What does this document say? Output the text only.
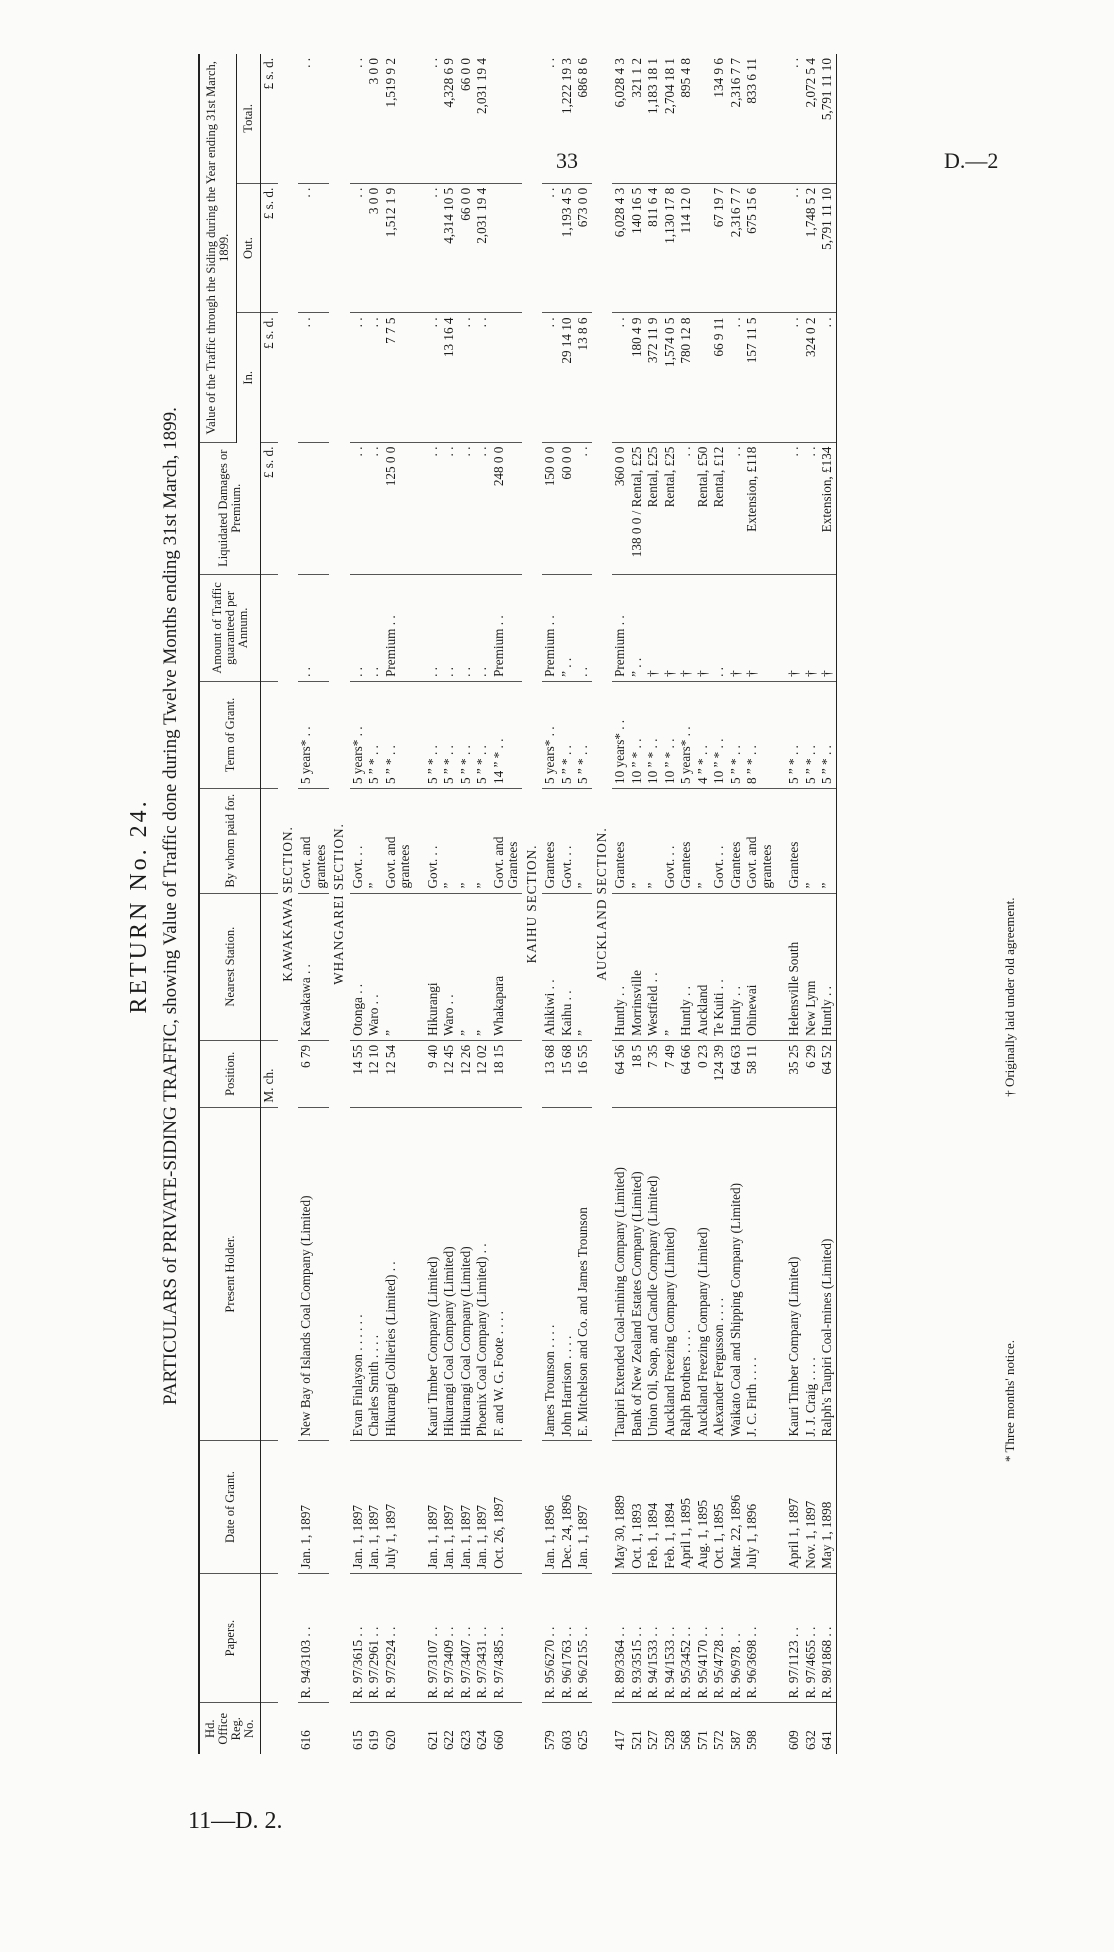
33	D.—2
11—D. 2.
RETURN No. 24. PARTICULARS of PRIVATE-SIDING TRAFFIC, showing Value of Traffic done during Twelve Months ending 31st March, 1899.
Hd. Office Reg. No.	Papers.	Date of Grant.	Present Holder.	Position.	Nearest Station.	By whom paid for.	Term of Grant.	Amount of Traffic guaranteed per Annum.	Liquidated Damages or Premium.	Value of the Traffic through the Siding during the Year ending 31st March, 1899.		
										In.	Out.	Total.
				M. ch.					£ s. d.	£ s. d.	£ s. d.	£ s. d.
KAWAKAWA SECTION.												
616	R. 94/3103 . .	Jan. 1, 1897	New Bay of Islands Coal Company (Limited)	6 79	Kawakawa . .	Govt. and grantees	5 years* . .	. .		. .	. .	. .
WHANGAREI SECTION.												
615	R. 97/3615 . .	Jan. 1, 1897	Evan Finlayson . . . . . .	14 55	Otonga . .	Govt. . .	5 years* . .	. .	. .	. .	. .	. .
619	R. 97/2961 . .	Jan. 1, 1897	Charles Smith . . . .	12 10	Waro . .	”	5 ” * . .	. .	. .	. .	3 0 0	3 0 0
620	R. 97/2924 . .	July 1, 1897	Hikurangi Collieries (Limited) . .	12 54	”	Govt. and grantees	5 ” * . .	Premium . .	125 0 0	7 7 5	1,512 1 9	1,519 9 2

621	R. 97/3107 . .	Jan. 1, 1897	Kauri Timber Company (Limited)	9 40	Hikurangi	Govt. . .	5 ” * . .	. .	. .	. .	. .	. .
622	R. 97/3409 . .	Jan. 1, 1897	Hikurangi Coal Company (Limited)	12 45	Waro . .	”	5 ” * . .	. .	. .	13 16 4	4,314 10 5	4,328 6 9
623	R. 97/3407 . .	Jan. 1, 1897	Hikurangi Coal Company (Limited)	12 26	”	”	5 ” * . .	. .	. .	. .	66 0 0	66 0 0
624	R. 97/3431 . .	Jan. 1, 1897	Phoenix Coal Company (Limited) . .	12 02	”	”	5 ” * . .	. .	. .	. .	2,031 19 4	2,031 19 4
660	R. 97/4385 . .	Oct. 26, 1897	F. and W. G. Foote . . . .	18 15	Whakapara	Govt. and Grantees	14 ” * . .	Premium . .	248 0 0			
KAIHU SECTION.												
579	R. 95/6270 . .	Jan. 1, 1896	James Trounson . . . .	13 68	Ahikiwi . .	Grantees	5 years* . .	Premium . .	150 0 0	. .	. .	. .
603	R. 96/1763 . .	Dec. 24, 1896	John Harrison . . . .	15 68	Kaihu . .	Govt. . .	5 ” * . .	” . .	60 0 0	29 14 10	1,193 4 5	1,222 19 3
625	R. 96/2155 . .	Jan. 1, 1897	E. Mitchelson and Co. and James Trounson	16 55	”	”	5 ” * . .	. .	. .	13 8 6	673 0 0	686 8 6
AUCKLAND SECTION.												
417	R. 89/3364 . .	May 30, 1889	Taupiri Extended Coal-mining Company (Limited)	64 56	Huntly . .	Grantees	10 years* . .	Premium . .	360 0 0	. .	6,028 4 3	6,028 4 3
521	R. 93/3515 . .	Oct. 1, 1893	Bank of New Zealand Estates Company (Limited)	18 5	Morrinsville	”	10 ” * . .	” . .	138 0 0 / Rental, £25	180 4 9	140 16 5	321 1 2
527	R. 94/1533 . .	Feb. 1, 1894	Union Oil, Soap, and Candle Company (Limited)	7 35	Westfield . .	”	10 ” * . .	†	Rental, £25	372 11 9	811 6 4	1,183 18 1
528	R. 94/1533 . .	Feb. 1, 1894	Auckland Freezing Company (Limited)	7 49	”	Govt. . .	10 ” * . .	†	Rental, £25	1,574 0 5	1,130 17 8	2,704 18 1
568	R. 95/3452 . .	April 1, 1895	Ralph Brothers . . . .	64 66	Huntly . .	Grantees	5 years* . .	†	. .	780 12 8	114 12 0	895 4 8
571	R. 95/4170 . .	Aug. 1, 1895	Auckland Freezing Company (Limited)	0 23	Auckland	”	4 ” * . .	†	Rental, £50			
572	R. 95/4728 . .	Oct. 1, 1895	Alexander Fergusson . . . .	124 39	Te Kuiti . .	Govt. . .	10 ” * . .	. .	Rental, £12	66 9 11	67 19 7	134 9 6
587	R. 96/978 . .	Mar. 22, 1896	Waikato Coal and Shipping Company (Limited)	64 63	Huntly . .	Grantees	5 ” * . .	†	. .	. .	2,316 7 7	2,316 7 7
598	R. 96/3698 . .	July 1, 1896	J. C. Firth . . . .	58 11	Ohinewai	Govt. and grantees	8 ” * . .	†	Extension, £118	157 11 5	675 15 6	833 6 11

609	R. 97/1123 . .	April 1, 1897	Kauri Timber Company (Limited)	35 25	Helensville South	Grantees	5 ” * . .	†	. .	. .	. .	. .
632	R. 97/4655 . .	Nov. 1, 1897	J. J. Craig . . . .	6 29	New Lynn	”	5 ” * . .	†	. .	324 0 2	1,748 5 2	2,072 5 4
641	R. 98/1868 . .	May 1, 1898	Ralph's Taupiri Coal-mines (Limited)	64 52	Huntly . .	”	5 ” * . .	†	Extension, £134	. .	5,791 11 10	5,791 11 10
* Three months' notice. † Originally laid under old agreement.
